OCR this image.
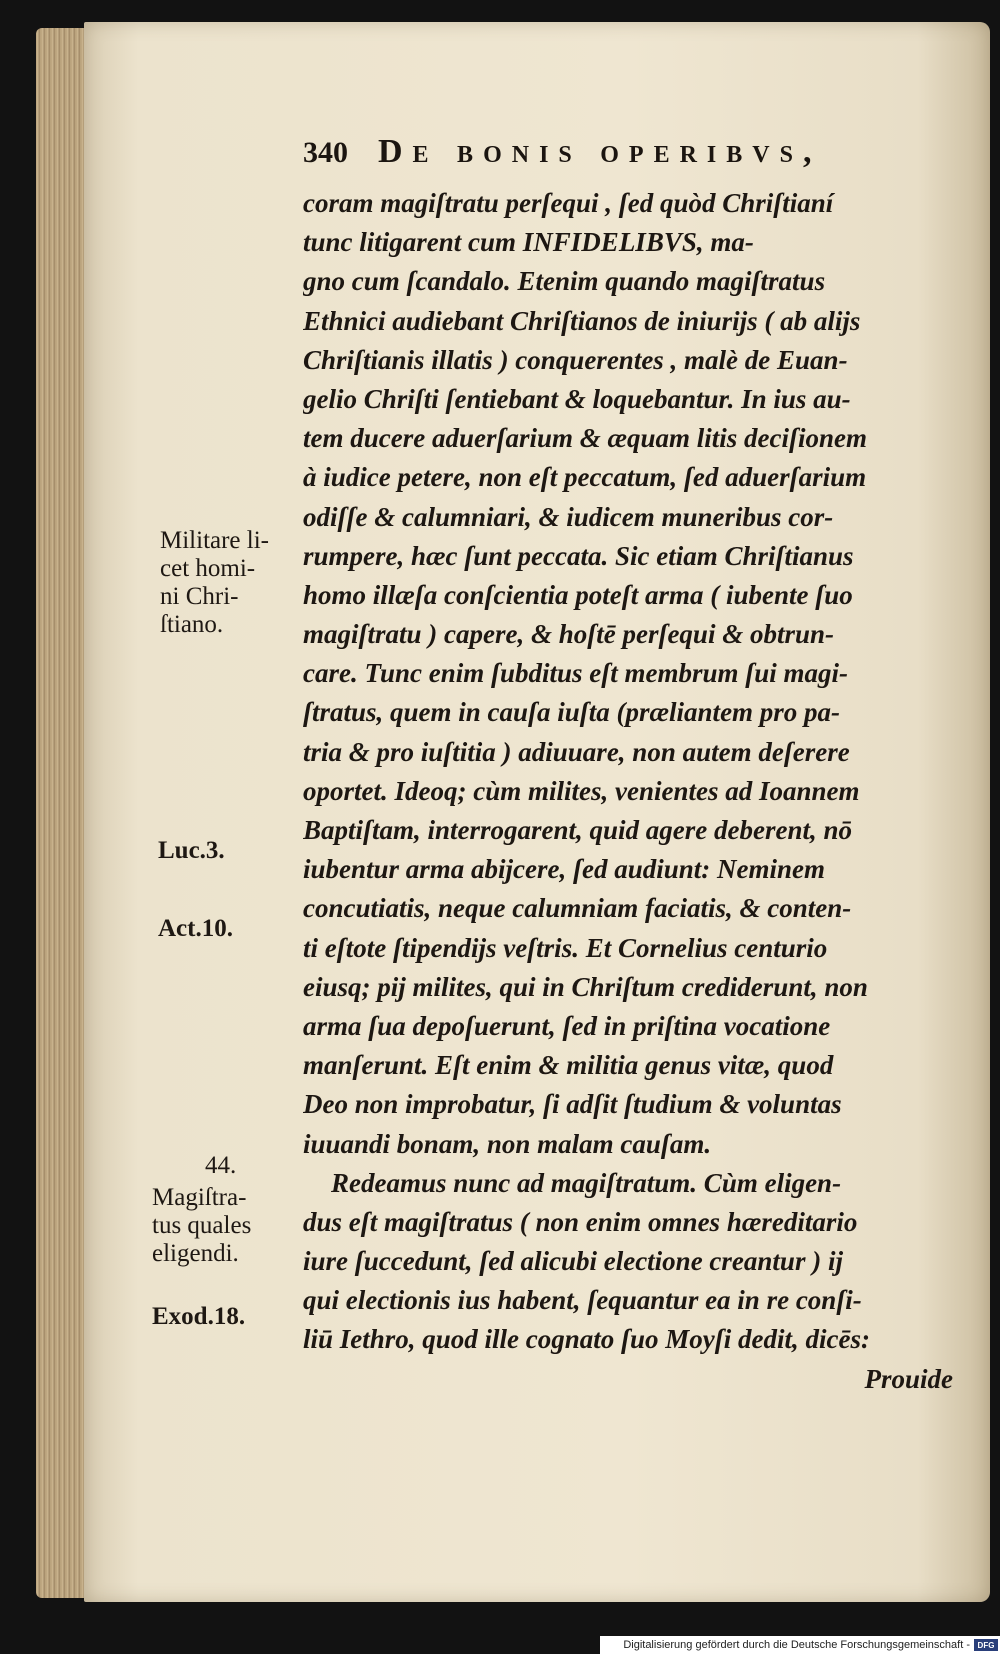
340 De bonis operibvs,
coram magiſtratu perſequi , ſed quòd Chriſtianí
tunc litigarent cum INFIDELIBVS, ma-
gno cum ſcandalo. Etenim quando magiſtratus
Ethnici audiebant Chriſtianos de iniurijs ( ab alijs
Chriſtianis illatis ) conquerentes , malè de Euan-
gelio Chriſti ſentiebant & loquebantur. In ius au-
tem ducere aduerſarium & æquam litis deciſionem
à iudice petere, non eſt peccatum, ſed aduerſarium
odiſſe & calumniari, & iudicem muneribus cor-
rumpere, hæc ſunt peccata. Sic etiam Chriſtianus
homo illæſa conſcientia poteſt arma ( iubente ſuo
magiſtratu ) capere, & hoſtē perſequi & obtrun-
care. Tunc enim ſubditus eſt membrum ſui magi-
ſtratus, quem in cauſa iuſta (præliantem pro pa-
tria & pro iuſtitia ) adiuuare, non autem deſerere
oportet. Ideoq; cùm milites, venientes ad Ioannem
Baptiſtam, interrogarent, quid agere deberent, nō
iubentur arma abijcere, ſed audiunt: Neminem
concutiatis, neque calumniam faciatis, & conten-
ti eſtote ſtipendijs veſtris. Et Cornelius centurio
eiusq; pij milites, qui in Chriſtum crediderunt, non
arma ſua depoſuerunt, ſed in priſtina vocatione
manſerunt. Eſt enim & militia genus vitæ, quod
Deo non improbatur, ſi adſit ſtudium & voluntas
iuuandi bonam, non malam cauſam.
Redeamus nunc ad magiſtratum. Cùm eligen-
dus eſt magiſtratus ( non enim omnes hæreditario
iure ſuccedunt, ſed alicubi electione creantur ) ij
qui electionis ius habent, ſequantur ea in re conſi-
liū Iethro, quod ille cognato ſuo Moyſi dedit, dicēs:
Prouide
Militare li-
cet homi-
ni Chri-
ſtiano.
Luc.3.
Act.10.
44.
Magiſtra-
tus quales
eligendi.
Exod.18.
Digitalisierung gefördert durch die Deutsche Forschungsgemeinschaft - DFG
